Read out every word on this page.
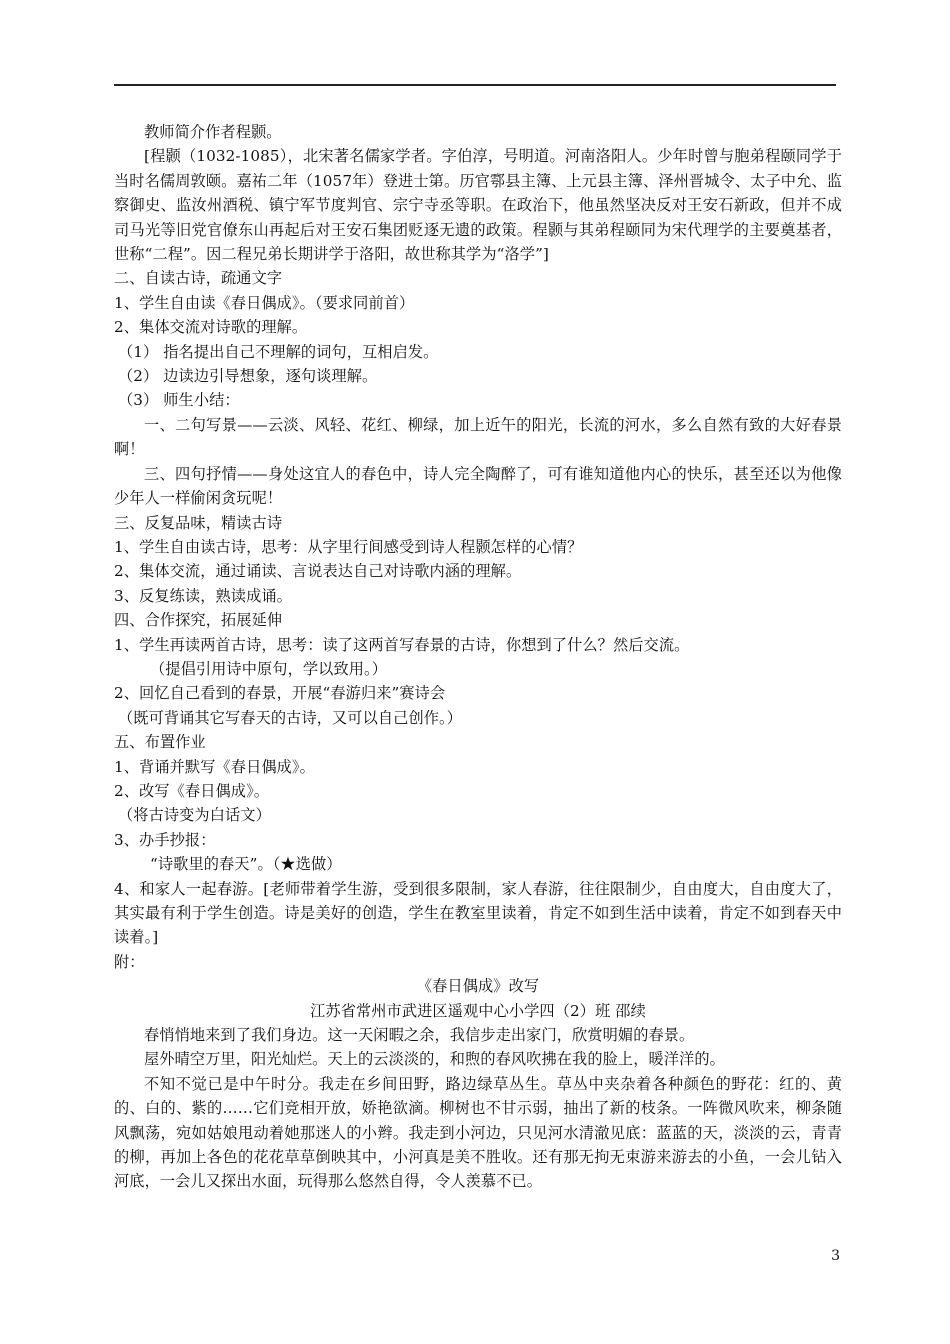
教师简介作者程颢。

[程颢（1032-1085），北宋著名儒家学者。字伯淳，号明道。河南洛阳人。少年时曾与胞弟程颐同学于当时名儒周敦颐。嘉祐二年（1057年）登进士第。历官鄠县主簿、上元县主簿、泽州晋城令、太子中允、监察御史、监汝州酒税、镇宁军节度判官、宗宁寺丞等职。在政治下，他虽然坚决反对王安石新政，但并不成司马光等旧党官僚东山再起后对王安石集团贬逐无遗的政策。程颢与其弟程颐同为宋代理学的主要奠基者，世称“二程”。因二程兄弟长期讲学于洛阳，故世称其学为“洛学”]

二、自读古诗，疏通文字

1、学生自由读《春日偶成》。（要求同前首）

2、集体交流对诗歌的理解。

（1） 指名提出自己不理解的词句，互相启发。

（2） 边读边引导想象，逐句谈理解。

（3） 师生小结：

一、二句写景——云淡、风轻、花红、柳绿，加上近午的阳光，长流的河水，多么自然有致的大好春景啊！

三、四句抒情——身处这宜人的春色中，诗人完全陶醉了，可有谁知道他内心的快乐，甚至还以为他像少年人一样偷闲贪玩呢！

三、反复品味，精读古诗

1、学生自由读古诗，思考：从字里行间感受到诗人程颢怎样的心情？

2、集体交流，通过诵读、言说表达自己对诗歌内涵的理解。

3、反复练读，熟读成诵。

四、合作探究，拓展延伸

1、学生再读两首古诗，思考：读了这两首写春景的古诗，你想到了什么？然后交流。

（提倡引用诗中原句，学以致用。）

2、回忆自己看到的春景，开展“春游归来”赛诗会

（既可背诵其它写春天的古诗，又可以自己创作。）

五、布置作业

1、背诵并默写《春日偶成》。

2、改写《春日偶成》。

（将古诗变为白话文）

3、办手抄报：

“诗歌里的春天”。（★选做）

4、和家人一起春游。[老师带着学生游，受到很多限制，家人春游，往往限制少，自由度大，自由度大了，其实最有利于学生创造。诗是美好的创造，学生在教室里读着，肯定不如到生活中读着，肯定不如到春天中读着。]

附：

《春日偶成》改写

江苏省常州市武进区遥观中心小学四（2）班 邵续

春悄悄地来到了我们身边。这一天闲暇之余，我信步走出家门，欣赏明媚的春景。

屋外晴空万里，阳光灿烂。天上的云淡淡的，和煦的春风吹拂在我的脸上，暖洋洋的。

不知不觉已是中午时分。我走在乡间田野，路边绿草丛生。草丛中夹杂着各种颜色的野花：红的、黄的、白的、紫的……它们竞相开放，娇艳欲滴。柳树也不甘示弱，抽出了新的枝条。一阵微风吹来，柳条随风飘荡，宛如姑娘甩动着她那迷人的小辫。我走到小河边，只见河水清澈见底：蓝蓝的天，淡淡的云，青青的柳，再加上各色的花花草草倒映其中，小河真是美不胜收。还有那无拘无束游来游去的小鱼，一会儿钻入河底，一会儿又探出水面，玩得那么悠然自得，令人羡慕不已。

3
